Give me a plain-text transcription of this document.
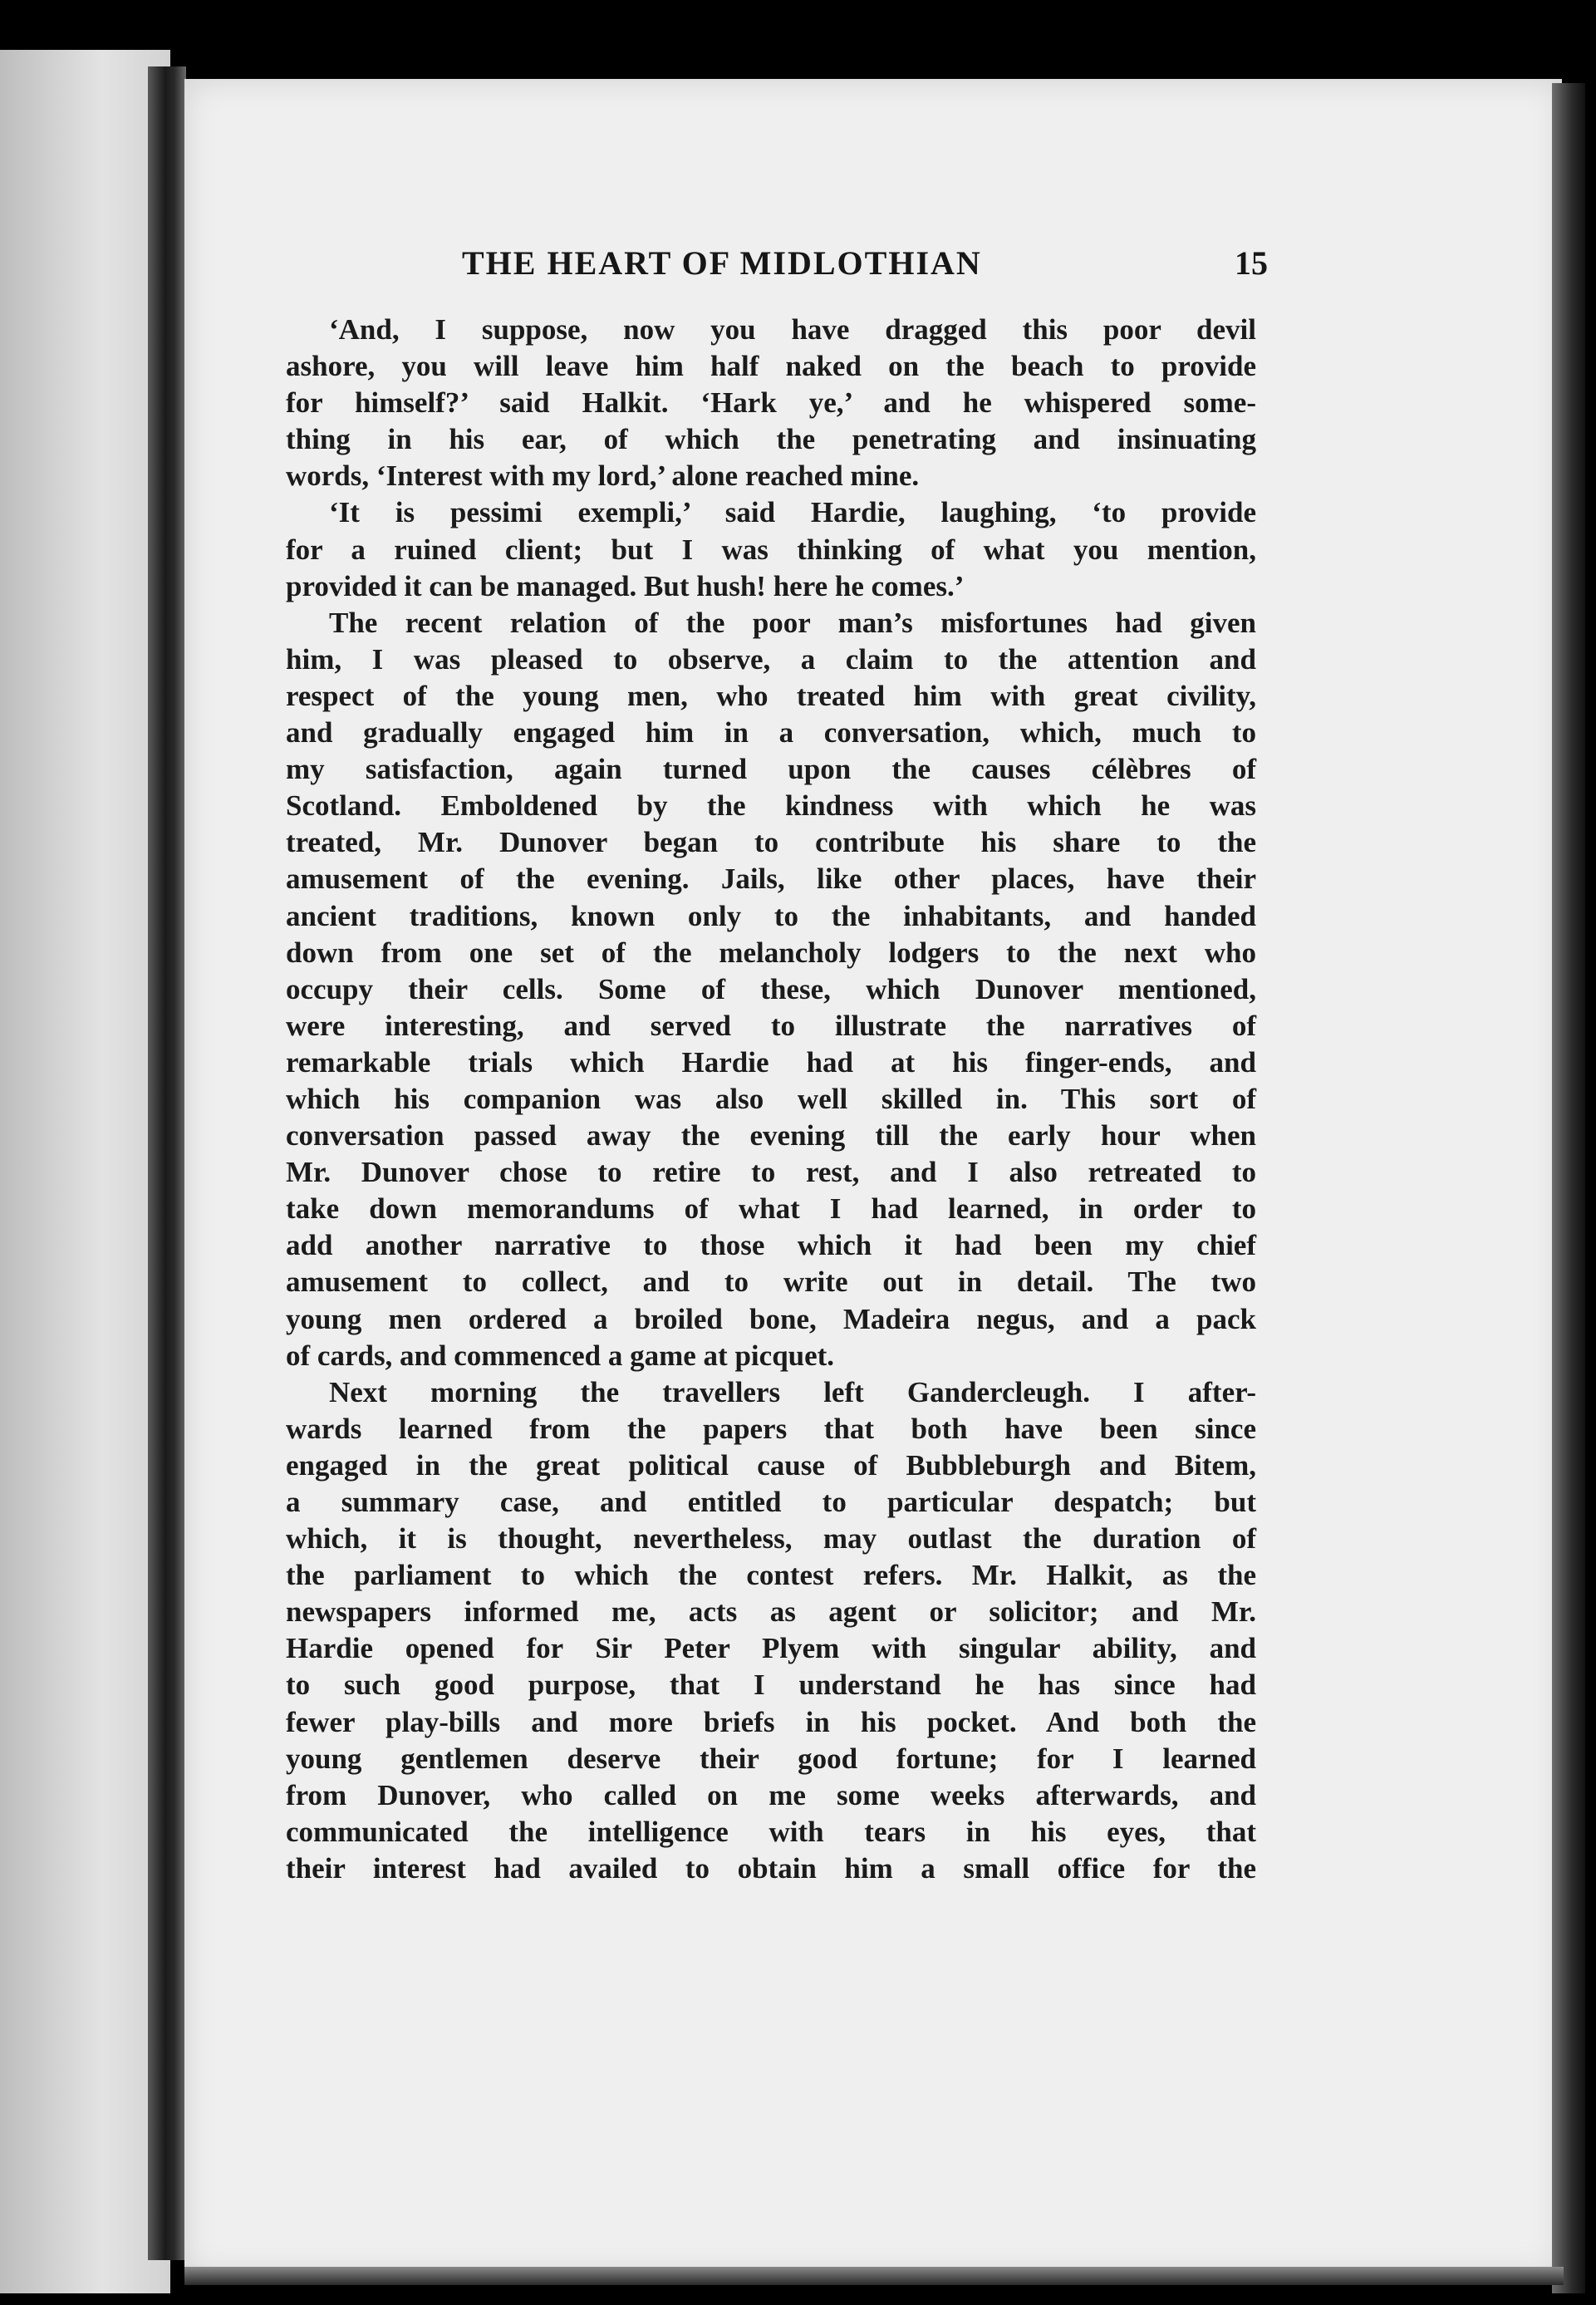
THE HEART OF MIDLOTHIAN	15
‘And, I suppose, now you have dragged this poor devil
ashore, you will leave him half naked on the beach to provide
for himself?’ said Halkit. ‘Hark ye,’ and he whispered some-
thing in his ear, of which the penetrating and insinuating
words, ‘Interest with my lord,’ alone reached mine.
‘It is pessimi exempli,’ said Hardie, laughing, ‘to provide
for a ruined client; but I was thinking of what you mention,
provided it can be managed. But hush! here he comes.’
The recent relation of the poor man’s misfortunes had given
him, I was pleased to observe, a claim to the attention and
respect of the young men, who treated him with great civility,
and gradually engaged him in a conversation, which, much to
my satisfaction, again turned upon the causes célèbres of
Scotland. Emboldened by the kindness with which he was
treated, Mr. Dunover began to contribute his share to the
amusement of the evening. Jails, like other places, have their
ancient traditions, known only to the inhabitants, and handed
down from one set of the melancholy lodgers to the next who
occupy their cells. Some of these, which Dunover mentioned,
were interesting, and served to illustrate the narratives of
remarkable trials which Hardie had at his finger-ends, and
which his companion was also well skilled in. This sort of
conversation passed away the evening till the early hour when
Mr. Dunover chose to retire to rest, and I also retreated to
take down memorandums of what I had learned, in order to
add another narrative to those which it had been my chief
amusement to collect, and to write out in detail. The two
young men ordered a broiled bone, Madeira negus, and a pack
of cards, and commenced a game at picquet.
Next morning the travellers left Gandercleugh. I after-
wards learned from the papers that both have been since
engaged in the great political cause of Bubbleburgh and Bitem,
a summary case, and entitled to particular despatch; but
which, it is thought, nevertheless, may outlast the duration of
the parliament to which the contest refers. Mr. Halkit, as the
newspapers informed me, acts as agent or solicitor; and Mr.
Hardie opened for Sir Peter Plyem with singular ability, and
to such good purpose, that I understand he has since had
fewer play-bills and more briefs in his pocket. And both the
young gentlemen deserve their good fortune; for I learned
from Dunover, who called on me some weeks afterwards, and
communicated the intelligence with tears in his eyes, that
their interest had availed to obtain him a small office for the
